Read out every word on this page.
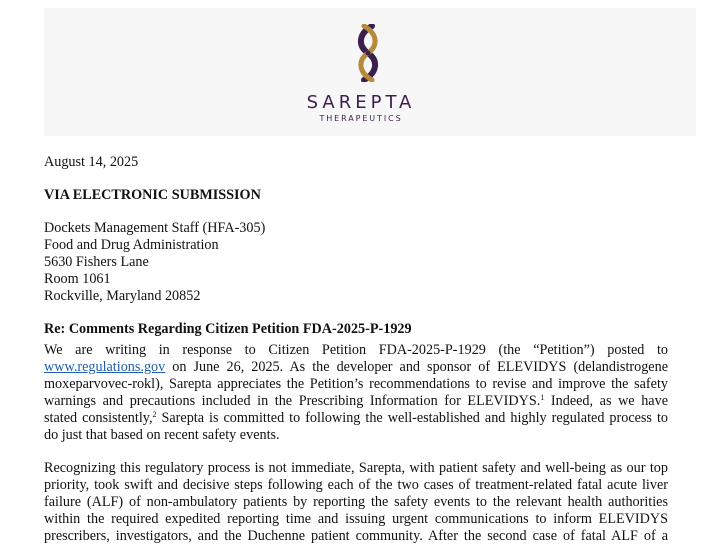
SAREPTA
THERAPEUTICS
August 14, 2025
VIA ELECTRONIC SUBMISSION
Dockets Management Staff (HFA-305)
Food and Drug Administration
5630 Fishers Lane
Room 1061
Rockville, Maryland 20852
Re: Comments Regarding Citizen Petition FDA-2025-P-1929
We are writing in response to Citizen Petition FDA-2025-P-1929 (the “Petition”) posted to
www.regulations.gov on June 26, 2025. As the developer and sponsor of ELEVIDYS (delandistrogene
moxeparvovec-rokl), Sarepta appreciates the Petition’s recommendations to revise and improve the safety
warnings and precautions included in the Prescribing Information for ELEVIDYS.$^1$ Indeed, as we have
stated consistently,$^2$ Sarepta is committed to following the well-established and highly regulated process to
do just that based on recent safety events.
Recognizing this regulatory process is not immediate, Sarepta, with patient safety and well-being as our top
priority, took swift and decisive steps following each of the two cases of treatment-related fatal acute liver
failure (ALF) of non-ambulatory patients by reporting the safety events to the relevant health authorities
within the required expedited reporting time and issuing urgent communications to inform ELEVIDYS
prescribers, investigators, and the Duchenne patient community. After the second case of fatal ALF of a
